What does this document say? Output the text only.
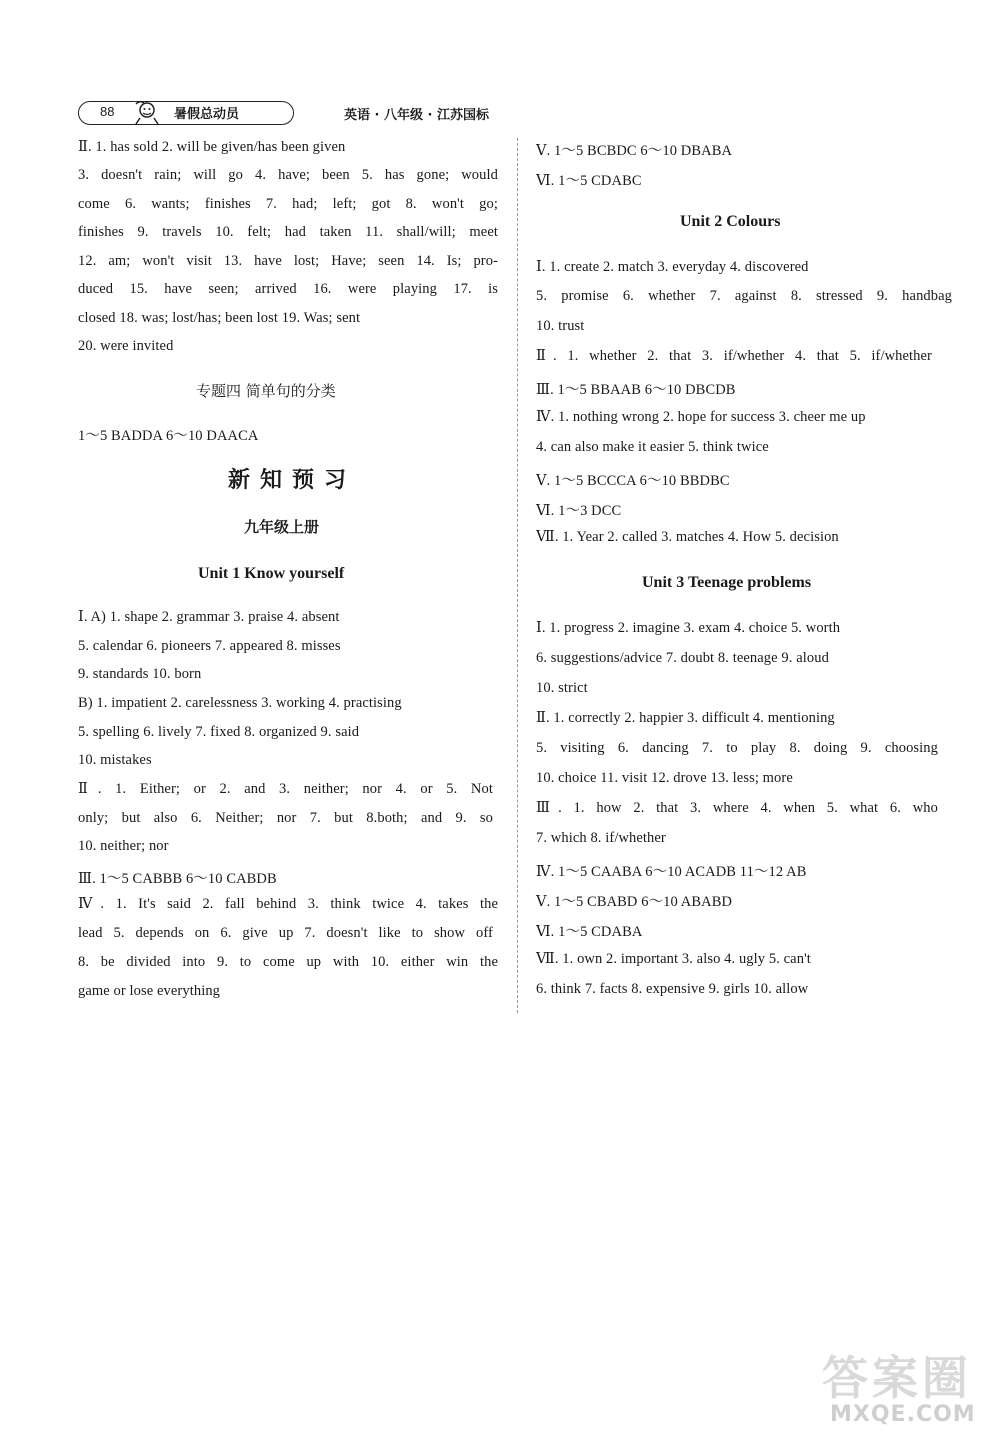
88	暑假总动员	英语 · 八年级 · 江苏国标
Ⅱ. 1. has sold 2. will be given/has been given
3. doesn't rain; will go 4. have; been 5. has gone; would
come 6. wants; finishes 7. had; left; got 8. won't go;
finishes 9. travels 10. felt; had taken 11. shall/will; meet
12. am; won't visit 13. have lost; Have; seen 14. Is; pro-
duced 15. have seen; arrived 16. were playing 17. is
closed 18. was; lost/has; been lost 19. Was; sent
20. were invited
专题四 简单句的分类
1～5 BADDA 6～10 DAACA
新知预习
九年级上册
Unit 1 Know yourself
Ⅰ. A) 1. shape 2. grammar 3. praise 4. absent
5. calendar 6. pioneers 7. appeared 8. misses
9. standards 10. born
B) 1. impatient 2. carelessness 3. working 4. practising
5. spelling 6. lively 7. fixed 8. organized 9. said
10. mistakes
Ⅱ. 1. Either; or 2. and 3. neither; nor 4. or 5. Not
only; but also 6. Neither; nor 7. but 8.both; and 9. so
10. neither; nor
Ⅲ. 1～5 CABBB 6～10 CABDB
Ⅳ. 1. It's said 2. fall behind 3. think twice 4. takes the
lead 5. depends on 6. give up 7. doesn't like to show off
8. be divided into 9. to come up with 10. either win the
game or lose everything
Ⅴ. 1～5 BCBDC 6～10 DBABA
Ⅵ. 1～5 CDABC
Unit 2 Colours
Ⅰ. 1. create 2. match 3. everyday 4. discovered
5. promise 6. whether 7. against 8. stressed 9. handbag
10. trust
Ⅱ. 1. whether 2. that 3. if/whether 4. that 5. if/whether
Ⅲ. 1～5 BBAAB 6～10 DBCDB
Ⅳ. 1. nothing wrong 2. hope for success 3. cheer me up
4. can also make it easier 5. think twice
Ⅴ. 1～5 BCCCA 6～10 BBDBC
Ⅵ. 1～3 DCC
Ⅶ. 1. Year 2. called 3. matches 4. How 5. decision
Unit 3 Teenage problems
Ⅰ. 1. progress 2. imagine 3. exam 4. choice 5. worth
6. suggestions/advice 7. doubt 8. teenage 9. aloud
10. strict
Ⅱ. 1. correctly 2. happier 3. difficult 4. mentioning
5. visiting 6. dancing 7. to play 8. doing 9. choosing
10. choice 11. visit 12. drove 13. less; more
Ⅲ. 1. how 2. that 3. where 4. when 5. what 6. who
7. which 8. if/whether
Ⅳ. 1～5 CAABA 6～10 ACADB 11～12 AB
Ⅴ. 1～5 CBABD 6～10 ABABD
Ⅵ. 1～5 CDABA
Ⅶ. 1. own 2. important 3. also 4. ugly 5. can't
6. think 7. facts 8. expensive 9. girls 10. allow
答案圈
MXQE.COM
